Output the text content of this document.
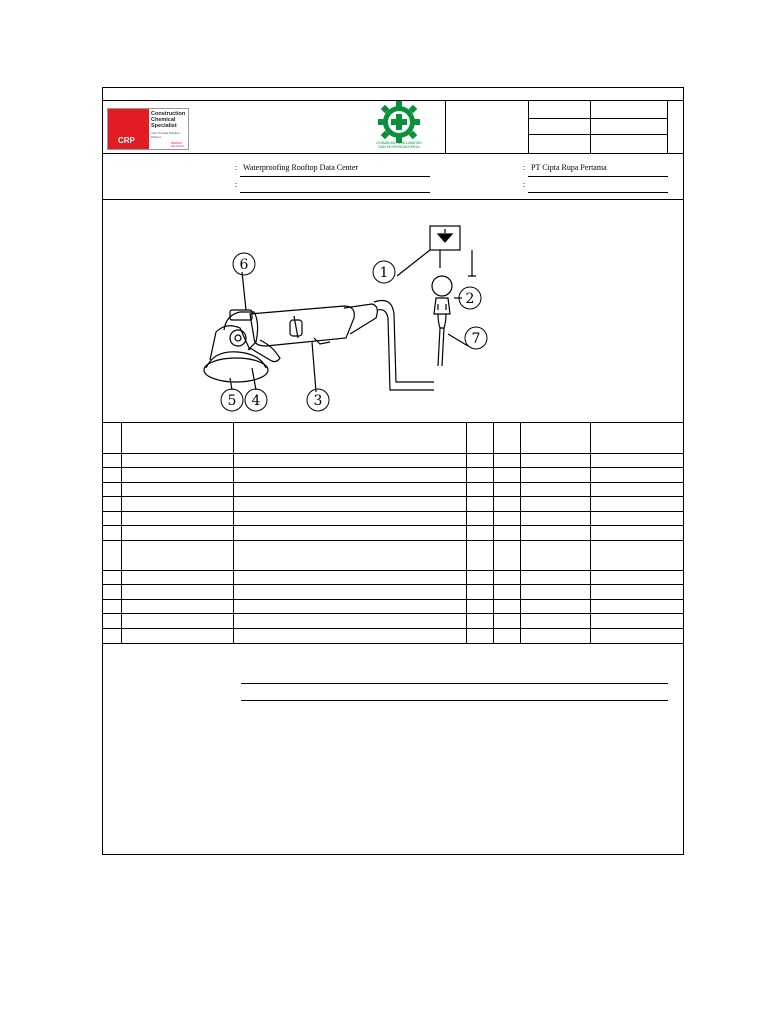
CRP
Construction
Chemical
Specialist
Your Trusted Solution Partner
PERFECT SOLUTION
UTAMAKAN KESELAMATAN
DAN KESEHATAN KERJA
: Waterproofing Rooftop Data Center
:
: PT Cipta Rupa Pertama
:
6	1
2
7
3
5 4
